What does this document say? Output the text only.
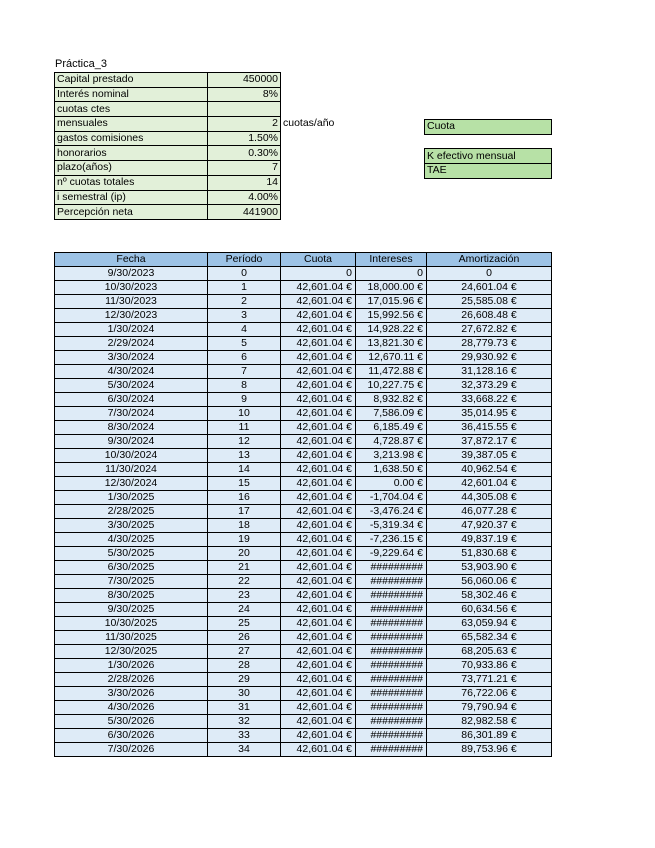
Práctica_3
Capital prestado	450000	
Interés nominal	8%	
cuotas ctes		
mensuales	2	cuotas/año
gastos comisiones	1.50%	
honorarios	0.30%	
plazo(años)	7	
nº cuotas totales	14	
i semestral (ip)	4.00%	
Percepción neta	441900	
Cuota

K efectivo mensual
TAE
Fecha	Período	Cuota	Intereses	Amortización
9/30/2023	0	0	0	0
10/30/2023	1	42,601.04 €	18,000.00 €	24,601.04 €
11/30/2023	2	42,601.04 €	17,015.96 €	25,585.08 €
12/30/2023	3	42,601.04 €	15,992.56 €	26,608.48 €
1/30/2024	4	42,601.04 €	14,928.22 €	27,672.82 €
2/29/2024	5	42,601.04 €	13,821.30 €	28,779.73 €
3/30/2024	6	42,601.04 €	12,670.11 €	29,930.92 €
4/30/2024	7	42,601.04 €	11,472.88 €	31,128.16 €
5/30/2024	8	42,601.04 €	10,227.75 €	32,373.29 €
6/30/2024	9	42,601.04 €	8,932.82 €	33,668.22 €
7/30/2024	10	42,601.04 €	7,586.09 €	35,014.95 €
8/30/2024	11	42,601.04 €	6,185.49 €	36,415.55 €
9/30/2024	12	42,601.04 €	4,728.87 €	37,872.17 €
10/30/2024	13	42,601.04 €	3,213.98 €	39,387.05 €
11/30/2024	14	42,601.04 €	1,638.50 €	40,962.54 €
12/30/2024	15	42,601.04 €	0.00 €	42,601.04 €
1/30/2025	16	42,601.04 €	-1,704.04 €	44,305.08 €
2/28/2025	17	42,601.04 €	-3,476.24 €	46,077.28 €
3/30/2025	18	42,601.04 €	-5,319.34 €	47,920.37 €
4/30/2025	19	42,601.04 €	-7,236.15 €	49,837.19 €
5/30/2025	20	42,601.04 €	-9,229.64 €	51,830.68 €
6/30/2025	21	42,601.04 €	#########	53,903.90 €
7/30/2025	22	42,601.04 €	#########	56,060.06 €
8/30/2025	23	42,601.04 €	#########	58,302.46 €
9/30/2025	24	42,601.04 €	#########	60,634.56 €
10/30/2025	25	42,601.04 €	#########	63,059.94 €
11/30/2025	26	42,601.04 €	#########	65,582.34 €
12/30/2025	27	42,601.04 €	#########	68,205.63 €
1/30/2026	28	42,601.04 €	#########	70,933.86 €
2/28/2026	29	42,601.04 €	#########	73,771.21 €
3/30/2026	30	42,601.04 €	#########	76,722.06 €
4/30/2026	31	42,601.04 €	#########	79,790.94 €
5/30/2026	32	42,601.04 €	#########	82,982.58 €
6/30/2026	33	42,601.04 €	#########	86,301.89 €
7/30/2026	34	42,601.04 €	#########	89,753.96 €
